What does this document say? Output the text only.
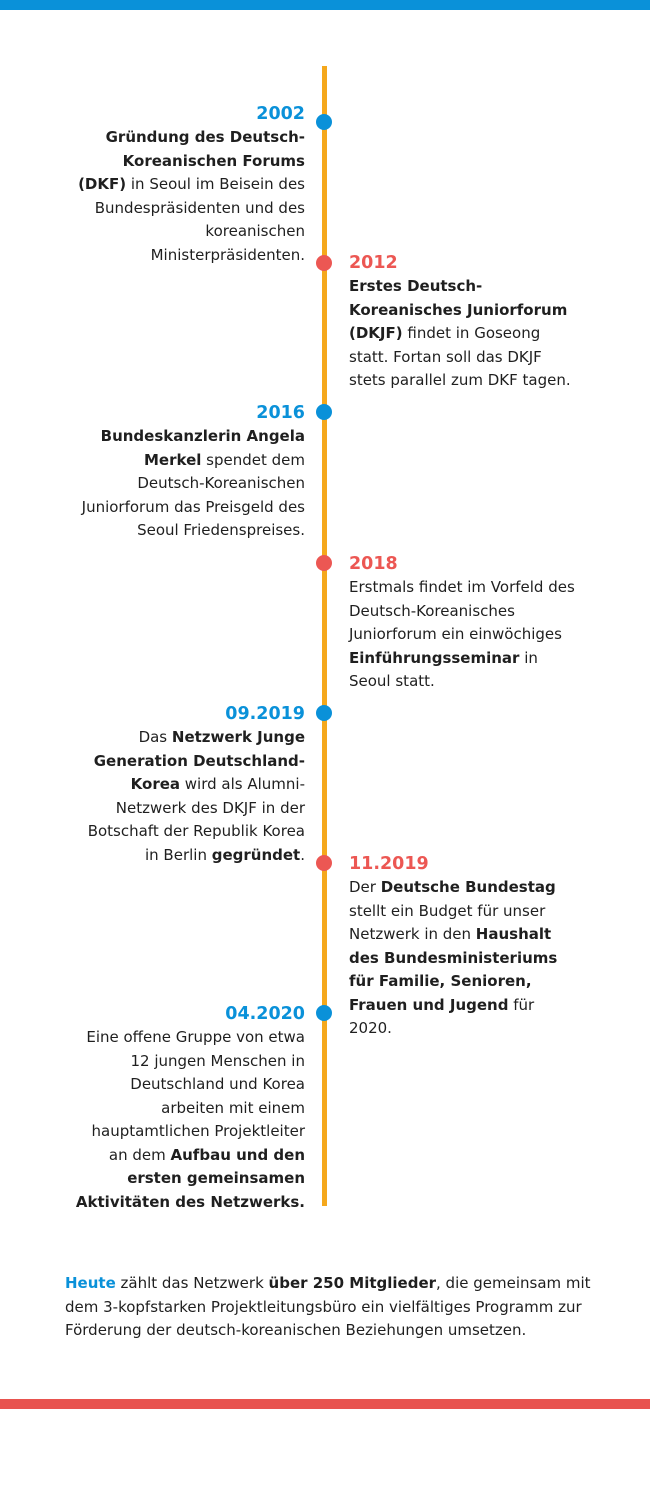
2002
Gründung des Deutsch-Koreanischen Forums (DKF) in Seoul im Beisein des Bundespräsidenten und des koreanischen Ministerpräsidenten.	2012
Erstes Deutsch-Koreanisches Juniorforum (DKJF) findet in Goseong statt. Fortan soll das DKJF stets parallel zum DKF tagen.
2016
Bundeskanzlerin Angela Merkel spendet dem Deutsch-Koreanischen Juniorforum das Preisgeld des Seoul Friedenspreises.
2018
Erstmals findet im Vorfeld des Deutsch-Koreanisches Juniorforum ein einwöchiges Einführungsseminar in Seoul statt.
09.2019
Das Netzwerk Junge Generation Deutschland-Korea wird als Alumni-Netzwerk des DKJF in der Botschaft der Republik Korea in Berlin gegründet.	11.2019
Der Deutsche Bundestag stellt ein Budget für unser Netzwerk in den Haushalt des Bundesministeriums für Familie, Senioren, Frauen und Jugend für 2020.
04.2020
Eine offene Gruppe von etwa 12 jungen Menschen in Deutschland und Korea arbeiten mit einem hauptamtlichen Projektleiter an dem Aufbau und den ersten gemeinsamen Aktivitäten des Netzwerks.
Heute zählt das Netzwerk über 250 Mitglieder, die gemeinsam mit dem 3-kopfstarken Projektleitungsbüro ein vielfältiges Programm zur Förderung der deutsch-koreanischen Beziehungen umsetzen.
